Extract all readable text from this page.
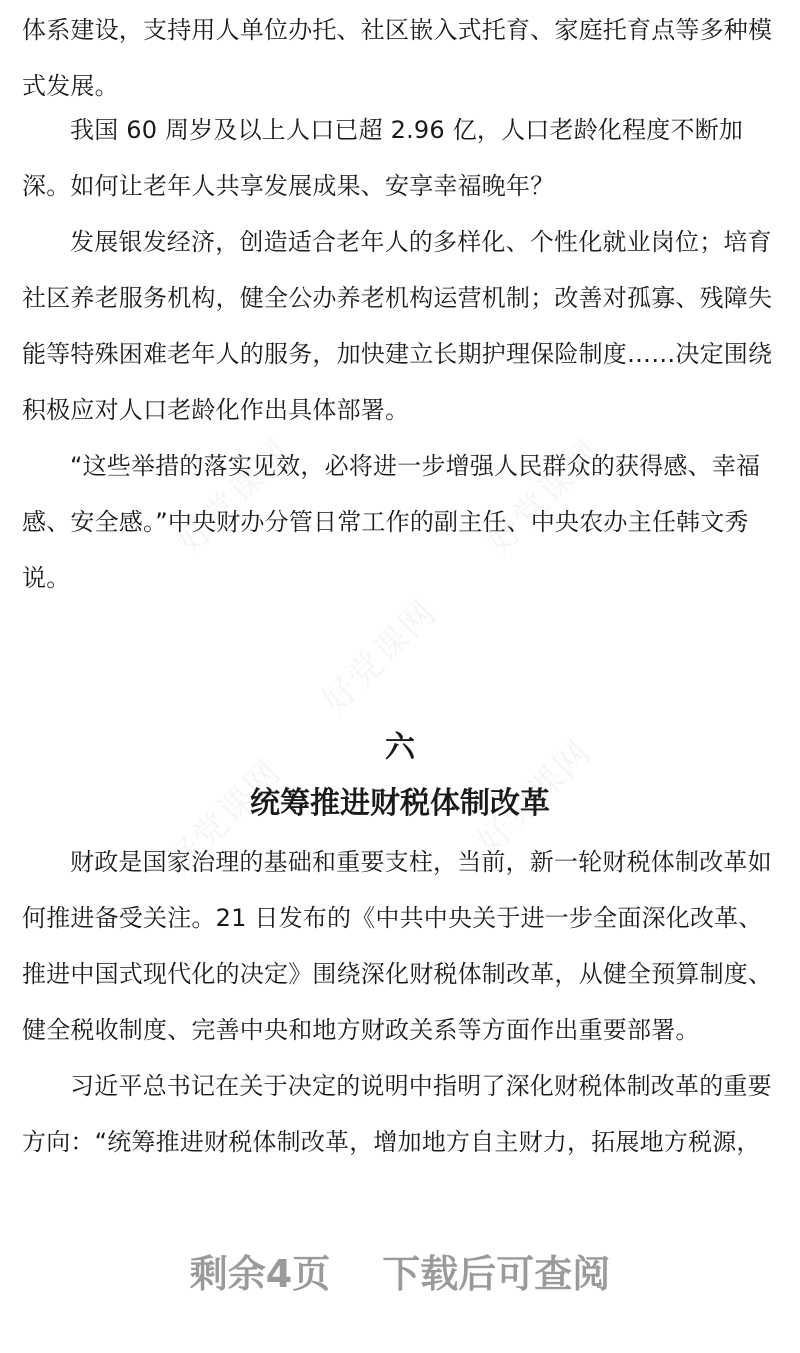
体系建设，支持用人单位办托、社区嵌入式托育、家庭托育点等多种模式发展。

我国 60 周岁及以上人口已超 2.96 亿，人口老龄化程度不断加深。如何让老年人共享发展成果、安享幸福晚年？

发展银发经济，创造适合老年人的多样化、个性化就业岗位；培育社区养老服务机构，健全公办养老机构运营机制；改善对孤寡、残障失能等特殊困难老年人的服务，加快建立长期护理保险制度……决定围绕积极应对人口老龄化作出具体部署。

“这些举措的落实见效，必将进一步增强人民群众的获得感、幸福感、安全感。”中央财办分管日常工作的副主任、中央农办主任韩文秀说。

六
统筹推进财税体制改革

财政是国家治理的基础和重要支柱，当前，新一轮财税体制改革如何推进备受关注。21 日发布的《中共中央关于进一步全面深化改革、推进中国式现代化的决定》围绕深化财税体制改革，从健全预算制度、健全税收制度、完善中央和地方财政关系等方面作出重要部署。

习近平总书记在关于决定的说明中指明了深化财税体制改革的重要方向：“统筹推进财税体制改革，增加地方自主财力，拓展地方税源，

剩余4页 下载后可查阅
